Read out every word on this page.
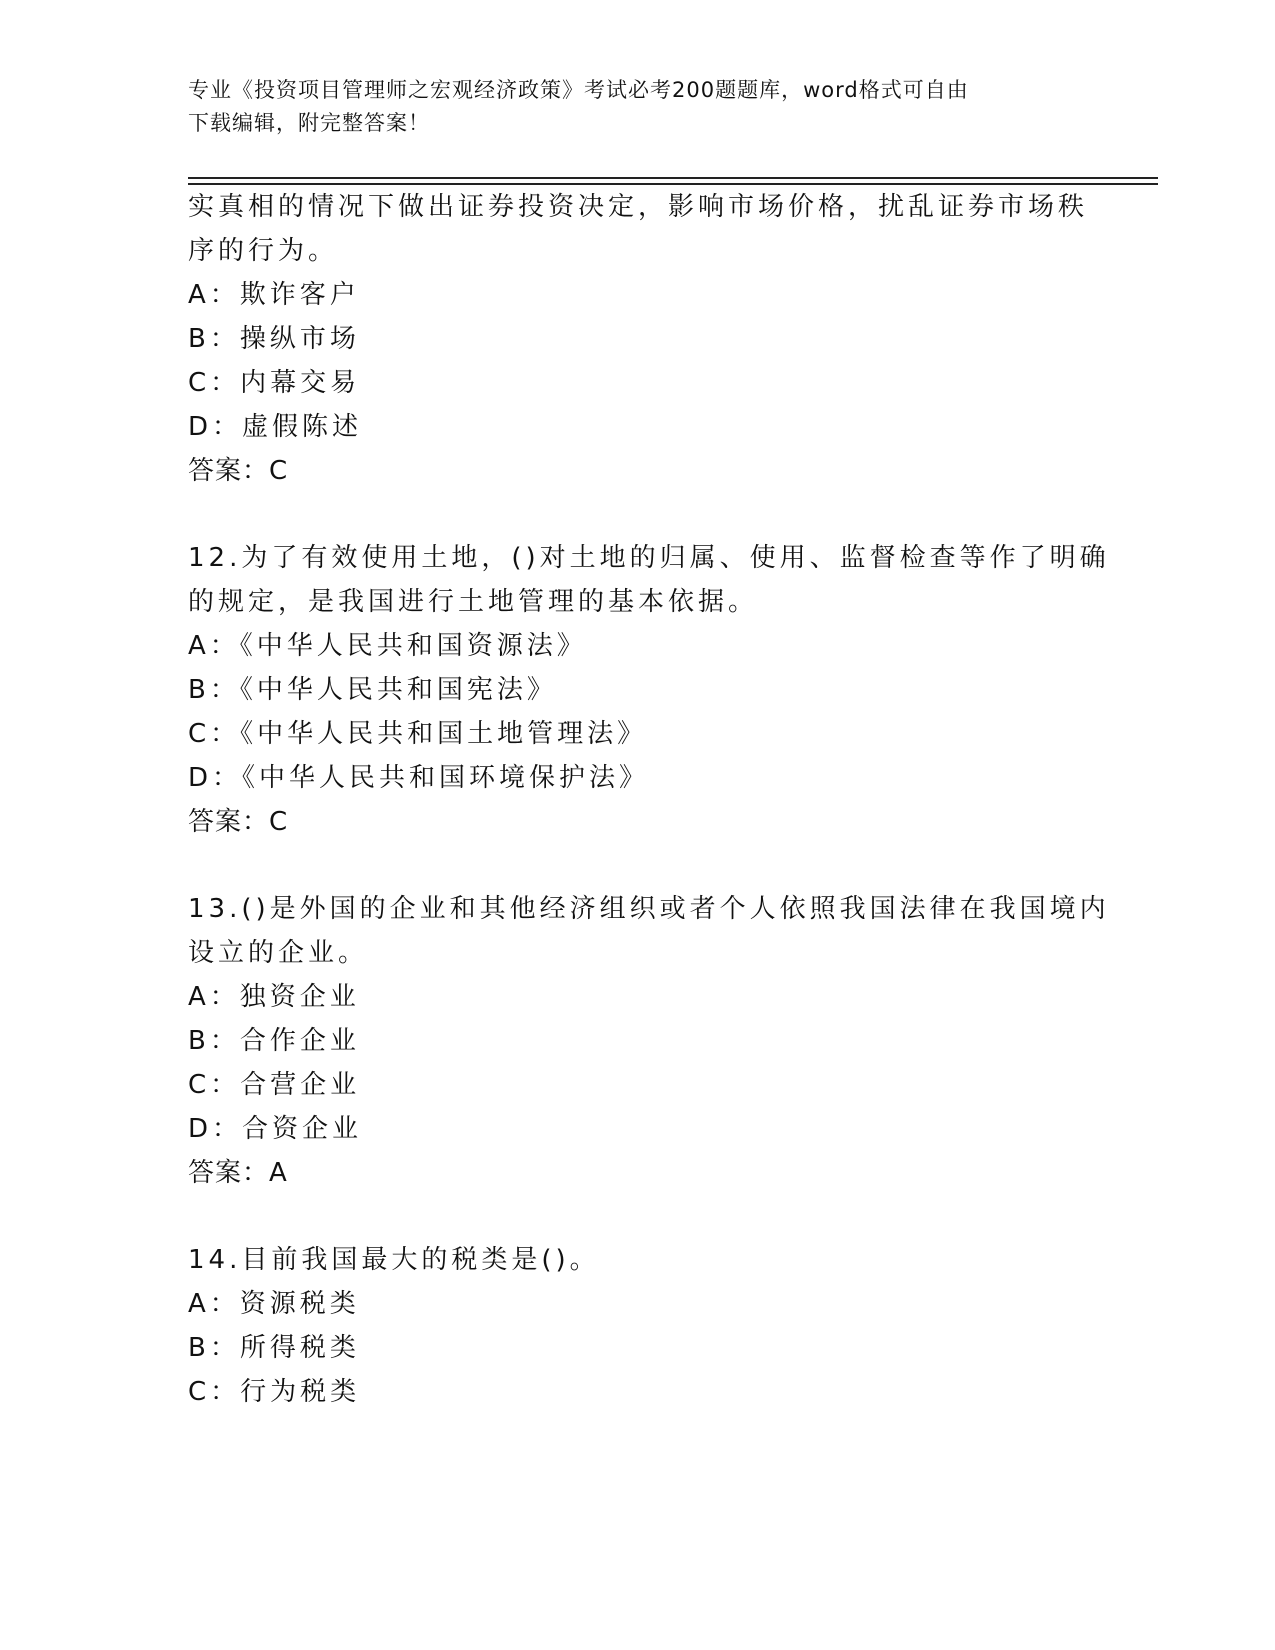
专业《投资项目管理师之宏观经济政策》考试必考200题题库，word格式可自由
下载编辑，附完整答案！
实真相的情况下做出证券投资决定，影响市场价格，扰乱证券市场秩
序的行为。
A：欺诈客户
B：操纵市场
C：内幕交易
D：虚假陈述
答案：C
12.为了有效使用土地，()对土地的归属、使用、监督检查等作了明确
的规定，是我国进行土地管理的基本依据。
A：《中华人民共和国资源法》
B：《中华人民共和国宪法》
C：《中华人民共和国土地管理法》
D：《中华人民共和国环境保护法》
答案：C
13.()是外国的企业和其他经济组织或者个人依照我国法律在我国境内
设立的企业。
A：独资企业
B：合作企业
C：合营企业
D：合资企业
答案：A
14.目前我国最大的税类是()。
A：资源税类
B：所得税类
C：行为税类
